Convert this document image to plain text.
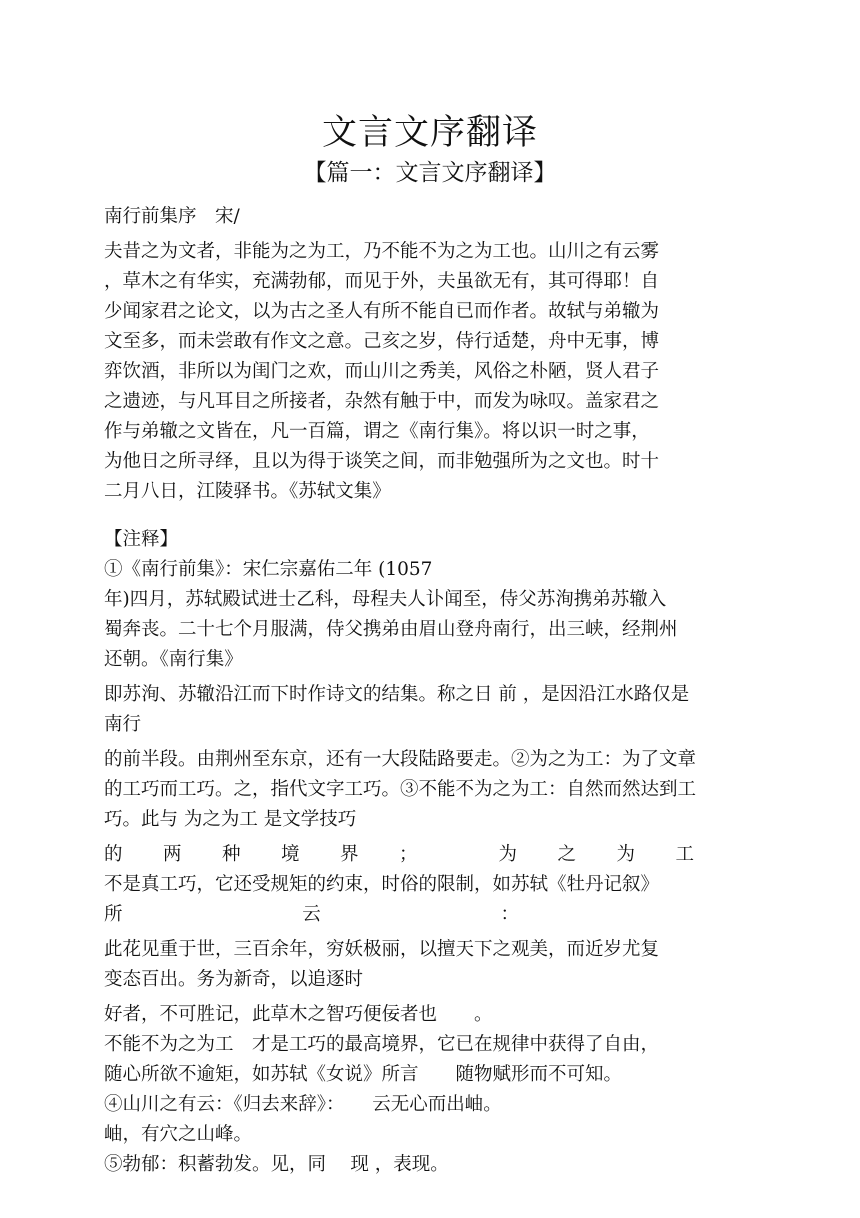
文言文序翻译
【篇一：文言文序翻译】
南行前集序　宋/
夫昔之为文者，非能为之为工，乃不能不为之为工也。山川之有云雾
，草木之有华实，充满勃郁，而见于外，夫虽欲无有，其可得耶！自
少闻家君之论文，以为古之圣人有所不能自已而作者。故轼与弟辙为
文至多，而未尝敢有作文之意。己亥之岁，侍行适楚，舟中无事，博
弈饮酒，非所以为闺门之欢，而山川之秀美，风俗之朴陋，贤人君子
之遗迹，与凡耳目之所接者，杂然有触于中，而发为咏叹。盖家君之
作与弟辙之文皆在，凡一百篇，谓之《南行集》。将以识一时之事，
为他日之所寻绎，且以为得于谈笑之间，而非勉强所为之文也。时十
二月八日，江陵驿书。《苏轼文集》
【注释】
①《南行前集》：宋仁宗嘉佑二年 (1057
年)四月，苏轼殿试进士乙科，母程夫人讣闻至，侍父苏洵携弟苏辙入
蜀奔丧。二十七个月服满，侍父携弟由眉山登舟南行，出三峡，经荆州
还朝。《南行集》
即苏洵、苏辙沿江而下时作诗文的结集。称之日 前 ，是因沿江水路仅是
南行
的前半段。由荆州至东京，还有一大段陆路要走。②为之为工：为了文章
的工巧而工巧。之，指代文字工巧。③不能不为之为工：自然而然达到工
巧。此与 为之为工 是文学技巧
的 两 种 境 界 ；	为 之 为 工
不是真工巧，它还受规矩的约束，时俗的限制，如苏轼《牡丹记叙》
所	云	：
此花见重于世，三百余年，穷妖极丽，以擅天下之观美，而近岁尤复
变态百出。务为新奇，以追逐时
好者，不可胜记，此草木之智巧便佞者也　　。
不能不为之为工　才是工巧的最高境界，它已在规律中获得了自由，
随心所欲不逾矩，如苏轼《女说》所言　　随物赋形而不可知。
④山川之有云：《归去来辞》：　　云无心而出岫。
岫，有穴之山峰。
⑤勃郁：积蓄勃发。见，同　 现 ，表现。
